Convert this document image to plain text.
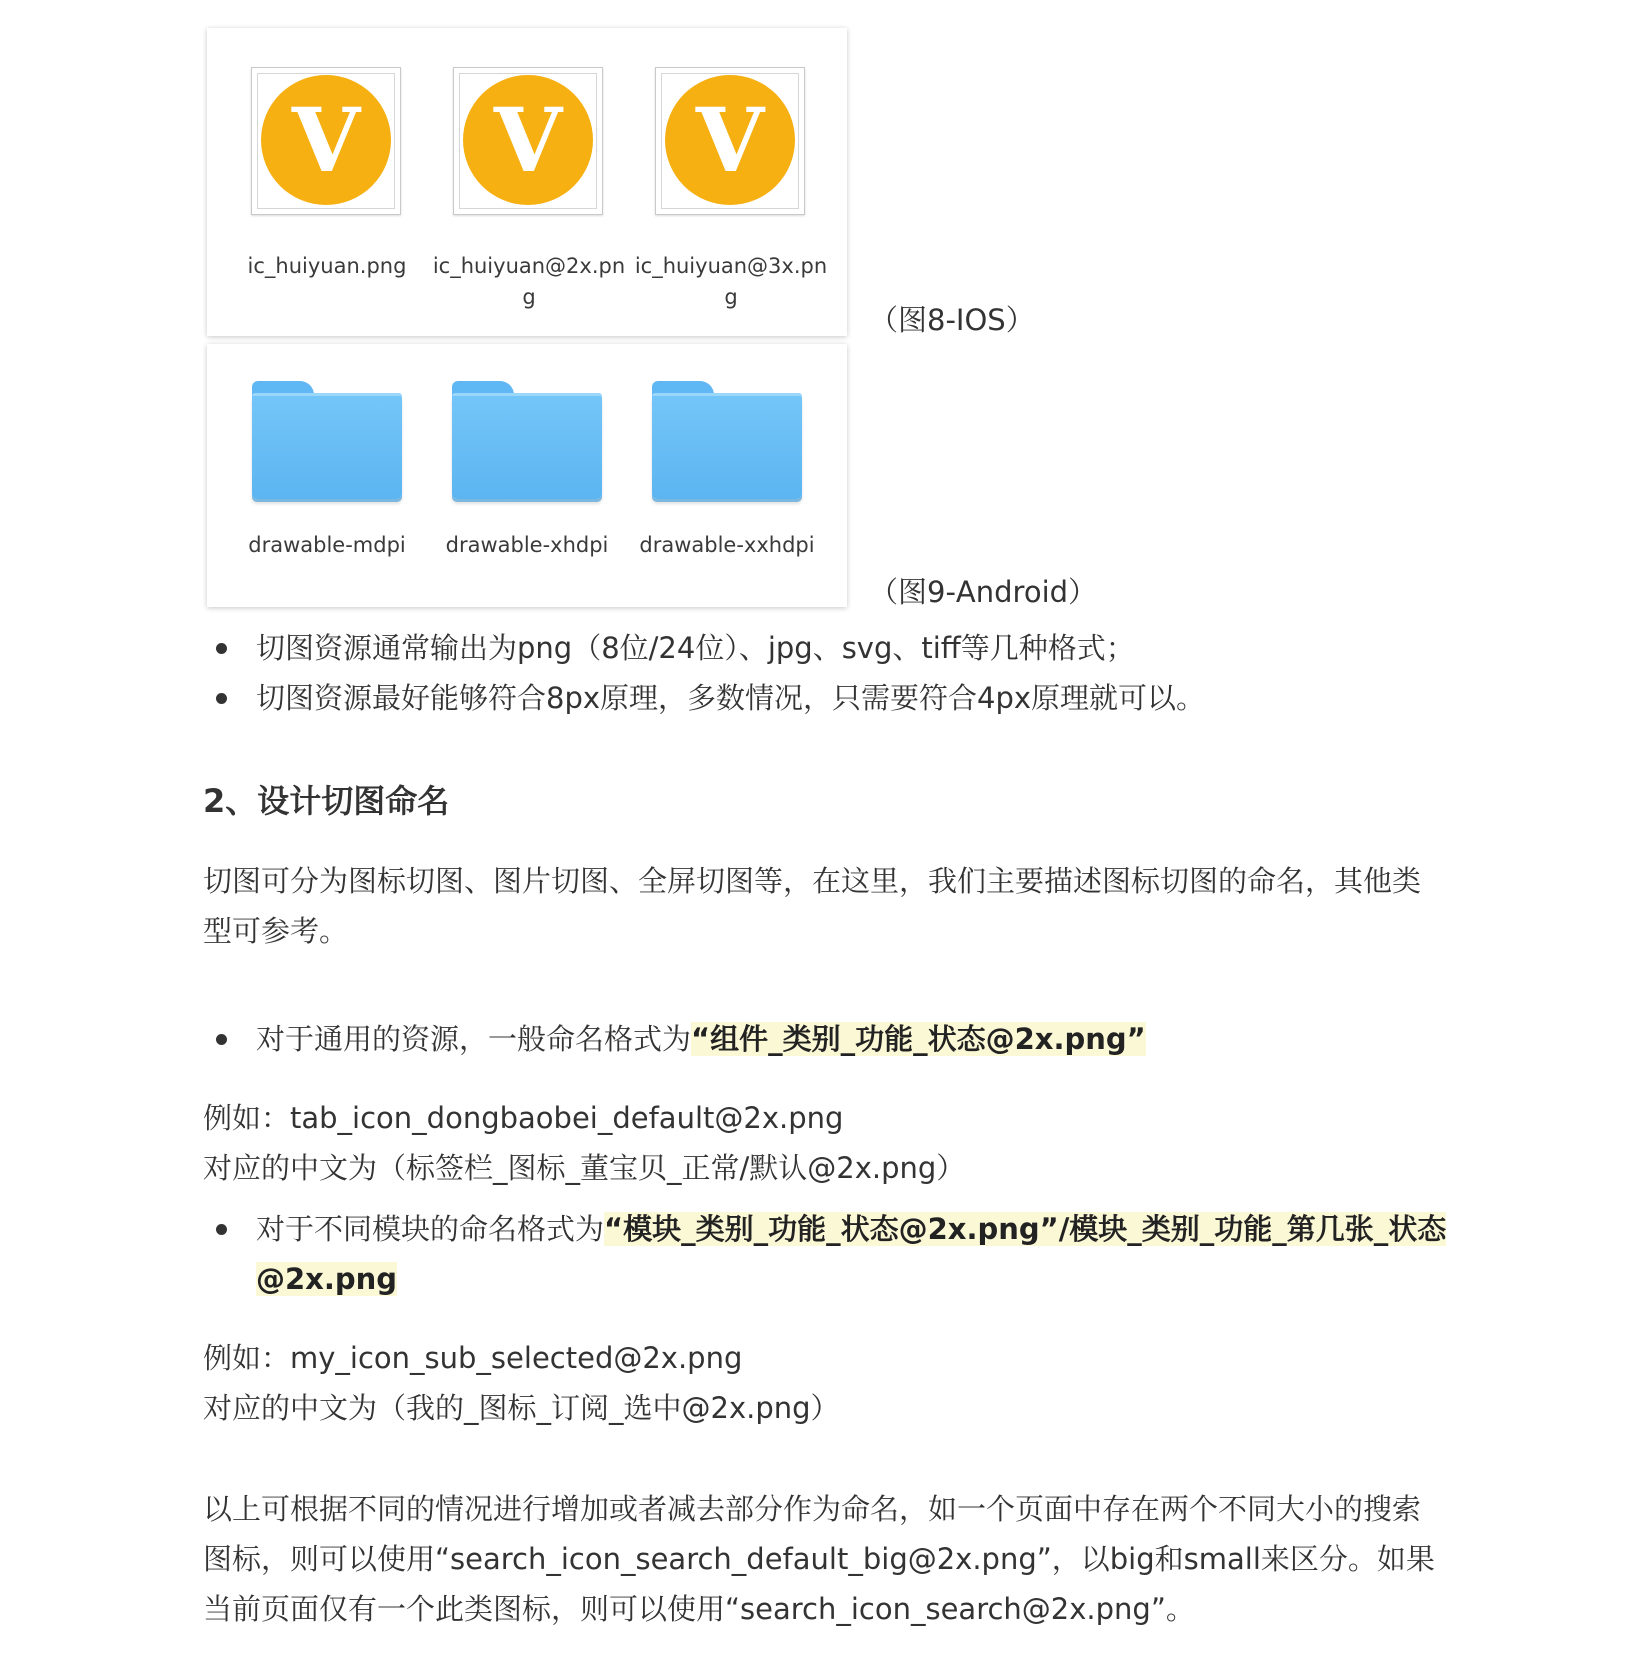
V
ic_huiyuan.png
V
ic_huiyuan@2x.png
V
ic_huiyuan@3x.png
（图8-IOS）
drawable-mdpi	drawable-xhdpi	drawable-xxhdpi
（图9-Android）
切图资源通常输出为png（8位/24位）、jpg、svg、tiff等几种格式；
切图资源最好能够符合8px原理，多数情况，只需要符合4px原理就可以。
2、设计切图命名

切图可分为图标切图、图片切图、全屏切图等，在这里，我们主要描述图标切图的命名，其他类型可参考。

对于通用的资源，一般命名格式为“组件_类别_功能_状态@2x.png”

例如：tab_icon_dongbaobei_default@2x.png

对应的中文为（标签栏_图标_董宝贝_正常/默认@2x.png）

对于不同模块的命名格式为“模块_类别_功能_状态@2x.png”/模块_类别_功能_第几张_状态@2x.png

例如：my_icon_sub_selected@2x.png

对应的中文为（我的_图标_订阅_选中@2x.png）

以上可根据不同的情况进行增加或者减去部分作为命名，如一个页面中存在两个不同大小的搜索图标，则可以使用“search_icon_search_default_big@2x.png”，以big和small来区分。如果当前页面仅有一个此类图标，则可以使用“search_icon_search@2x.png”。
